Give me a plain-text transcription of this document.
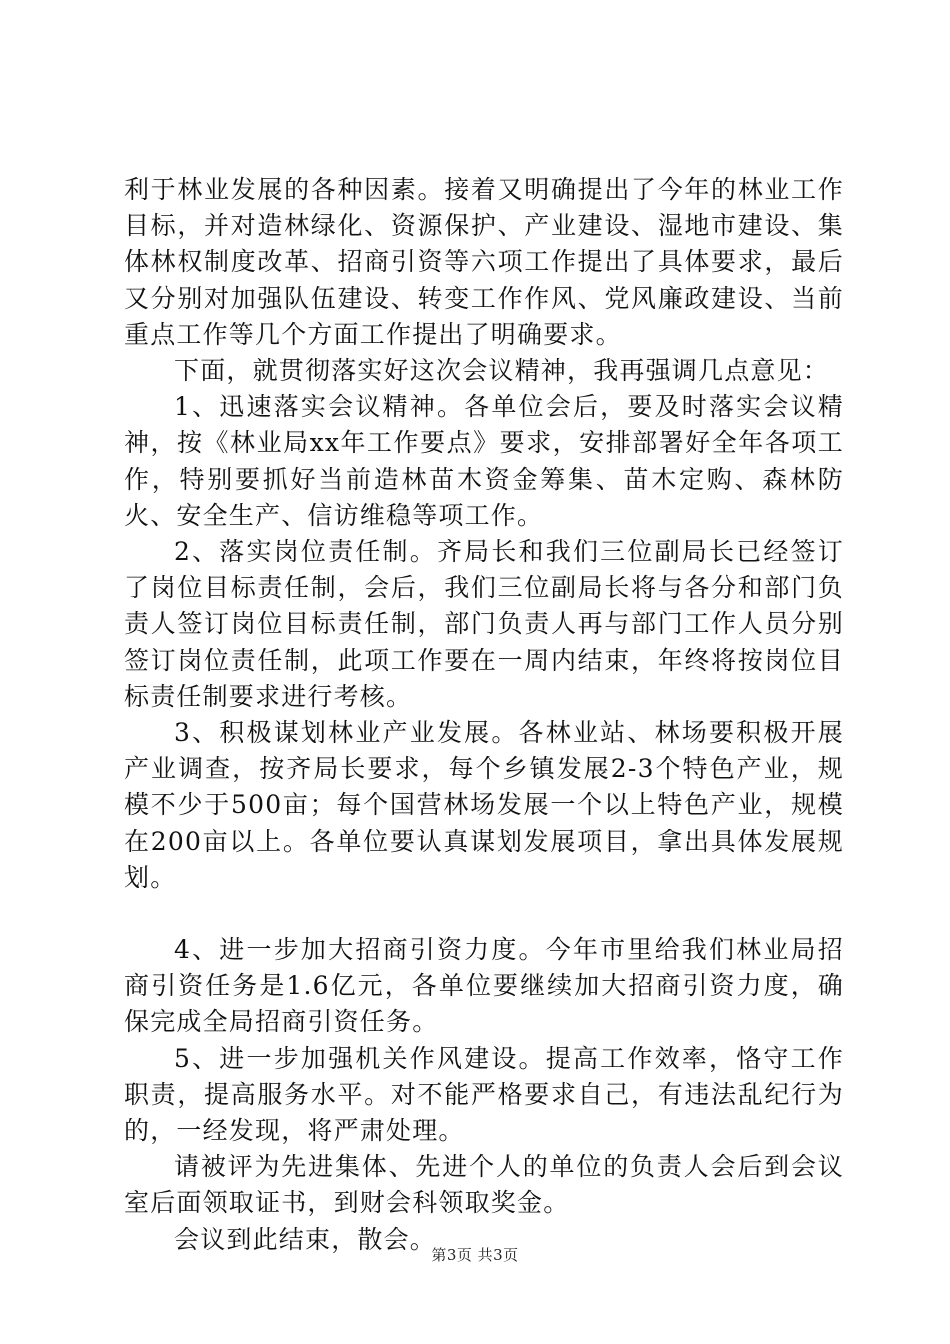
利于林业发展的各种因素。接着又明确提出了今年的林业工作目标，并对造林绿化、资源保护、产业建设、湿地市建设、集体林权制度改革、招商引资等六项工作提出了具体要求，最后又分别对加强队伍建设、转变工作作风、党风廉政建设、当前重点工作等几个方面工作提出了明确要求。

下面，就贯彻落实好这次会议精神，我再强调几点意见：

1、迅速落实会议精神。各单位会后，要及时落实会议精神，按《林业局xx年工作要点》要求，安排部署好全年各项工作，特别要抓好当前造林苗木资金筹集、苗木定购、森林防火、安全生产、信访维稳等项工作。

2、落实岗位责任制。齐局长和我们三位副局长已经签订了岗位目标责任制，会后，我们三位副局长将与各分和部门负责人签订岗位目标责任制，部门负责人再与部门工作人员分别签订岗位责任制，此项工作要在一周内结束，年终将按岗位目标责任制要求进行考核。

3、积极谋划林业产业发展。各林业站、林场要积极开展产业调查，按齐局长要求，每个乡镇发展2-3个特色产业，规模不少于500亩；每个国营林场发展一个以上特色产业，规模在200亩以上。各单位要认真谋划发展项目，拿出具体发展规划。

4、进一步加大招商引资力度。今年市里给我们林业局招商引资任务是1.6亿元，各单位要继续加大招商引资力度，确保完成全局招商引资任务。

5、进一步加强机关作风建设。提高工作效率，恪守工作职责，提高服务水平。对不能严格要求自己，有违法乱纪行为的，一经发现，将严肃处理。

请被评为先进集体、先进个人的单位的负责人会后到会议室后面领取证书，到财会科领取奖金。

会议到此结束，散会。

第3页 共3页
